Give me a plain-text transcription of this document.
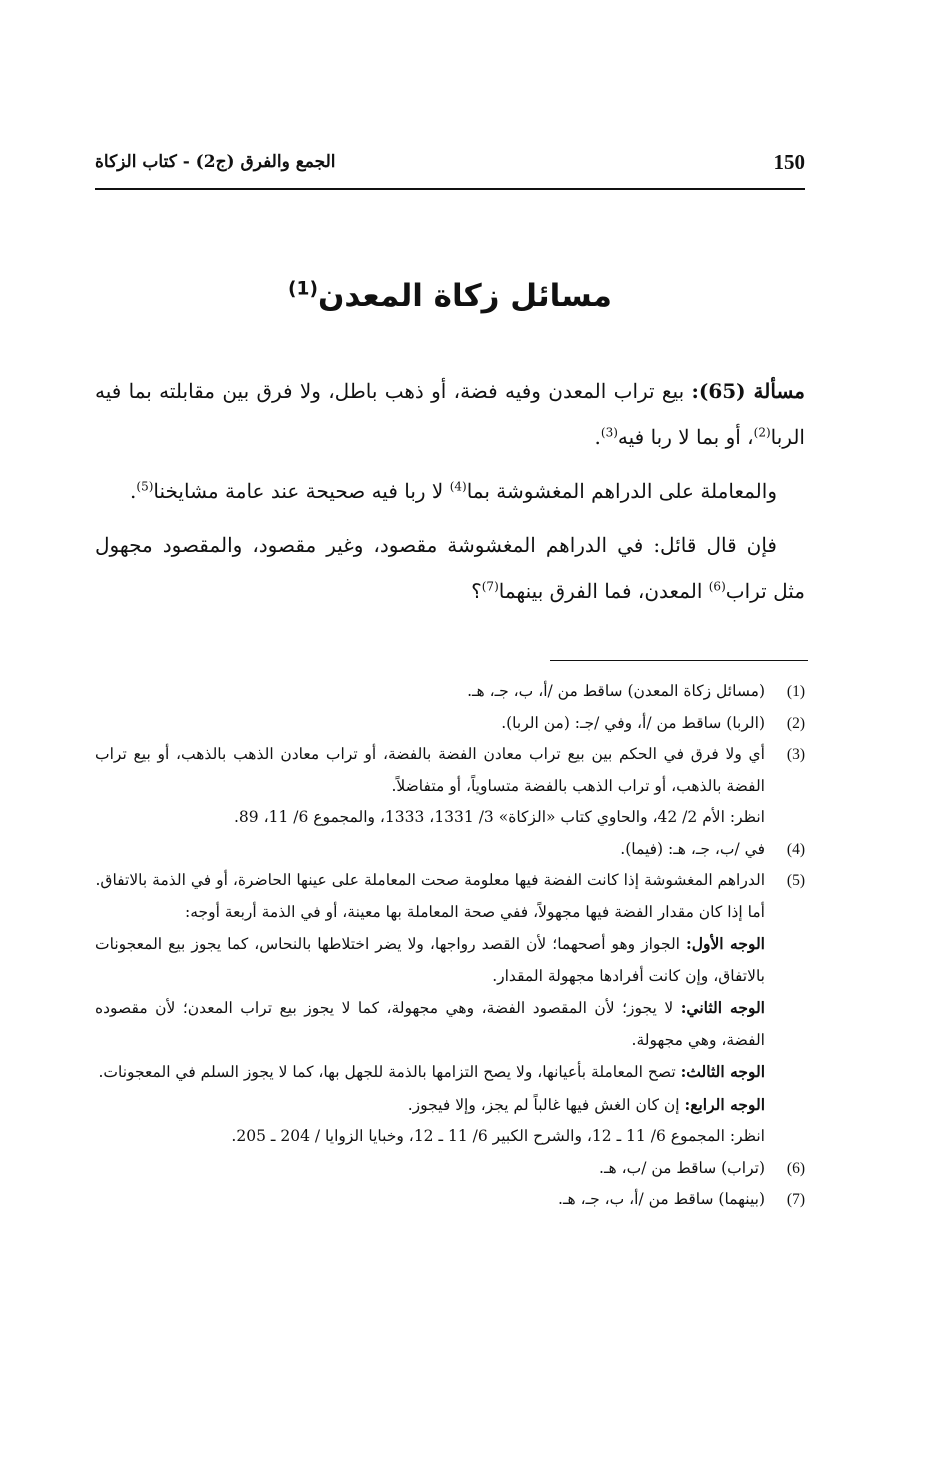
150
الجمع والفرق (ج2) - كتاب الزكاة
مسائل زكاة المعدن$^{(1)}$

مسألة (65): بيع تراب المعدن وفيه فضة، أو ذهب باطل، ولا فرق بين مقابلته بما فيه الربا$^{(2)}$، أو بما لا ربا فيه$^{(3)}$.

والمعاملة على الدراهم المغشوشة بما$^{(4)}$ لا ربا فيه صحيحة عند عامة مشايخنا$^{(5)}$.

فإن قال قائل: في الدراهم المغشوشة مقصود، وغير مقصود، والمقصود مجهول مثل تراب$^{(6)}$ المعدن، فما الفرق بينهما$^{(7)}$؟

(1)
(مسائل زكاة المعدن) ساقط من /أ، ب، جـ، هـ.
(2)
(الربا) ساقط من /أ، وفي /جـ: (من الربا).
(3)
أي ولا فرق في الحكم بين بيع تراب معادن الفضة بالفضة، أو تراب معادن الذهب بالذهب، أو بيع تراب الفضة بالذهب، أو تراب الذهب بالفضة متساوياً، أو متفاضلاً.
انظر: الأم 2/ 42، والحاوي كتاب «الزكاة» 3/ 1331، 1333، والمجموع 6/ 11، 89.
(4)
في /ب، جـ، هـ: (فيما).
(5)
الدراهم المغشوشة إذا كانت الفضة فيها معلومة صحت المعاملة على عينها الحاضرة، أو في الذمة بالاتفاق.
أما إذا كان مقدار الفضة فيها مجهولاً، ففي صحة المعاملة بها معينة، أو في الذمة أربعة أوجه:
الوجه الأول: الجواز وهو أصحهما؛ لأن القصد رواجها، ولا يضر اختلاطها بالنحاس، كما يجوز بيع المعجونات بالاتفاق، وإن كانت أفرادها مجهولة المقدار.
الوجه الثاني: لا يجوز؛ لأن المقصود الفضة، وهي مجهولة، كما لا يجوز بيع تراب المعدن؛ لأن مقصوده الفضة، وهي مجهولة.
الوجه الثالث: تصح المعاملة بأعيانها، ولا يصح التزامها بالذمة للجهل بها، كما لا يجوز السلم في المعجونات.
الوجه الرابع: إن كان الغش فيها غالباً لم يجز، وإلا فيجوز.
انظر: المجموع 6/ 11 ـ 12، والشرح الكبير 6/ 11 ـ 12، وخبايا الزوايا / 204 ـ 205.
(6)
(تراب) ساقط من /ب، هـ.
(7)
(بينهما) ساقط من /أ، ب، جـ، هـ.
